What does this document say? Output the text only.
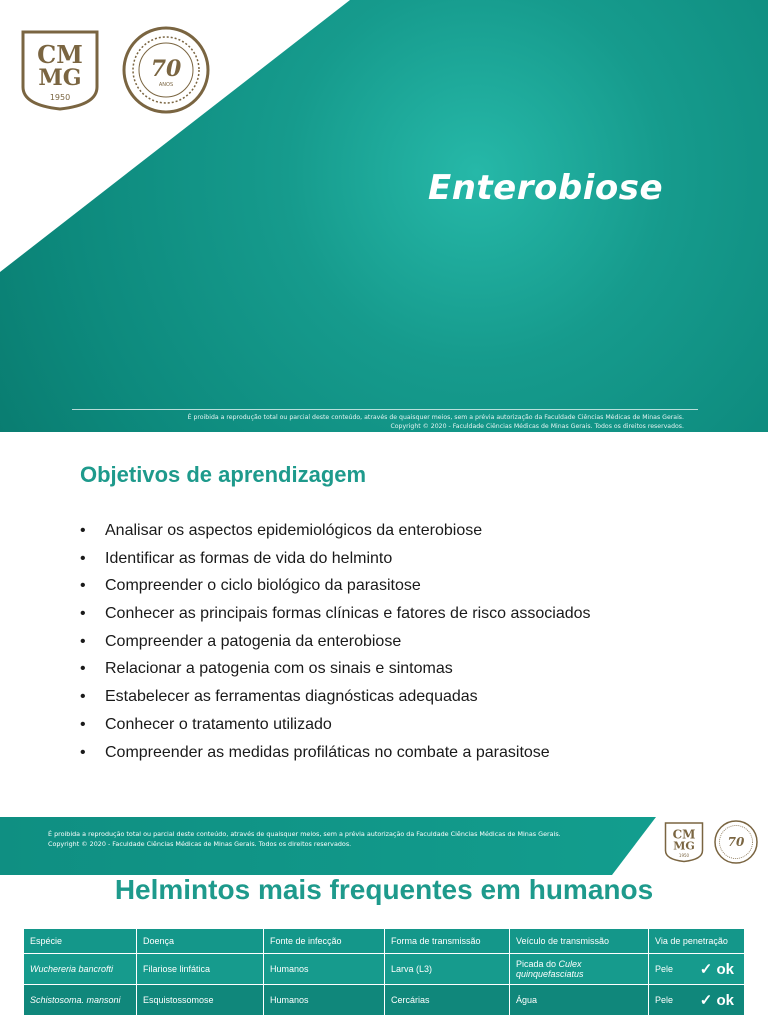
CM
MG
1950
70
ANOS
Enterobiose
É proibida a reprodução total ou parcial deste conteúdo, através de quaisquer meios, sem a prévia autorização da Faculdade Ciências Médicas de Minas Gerais.
Copyright © 2020 - Faculdade Ciências Médicas de Minas Gerais. Todos os direitos reservados.
Objetivos de aprendizagem
• Analisar os aspectos epidemiológicos da enterobiose
• Identificar as formas de vida do helminto
• Compreender o ciclo biológico da parasitose
• Conhecer as principais formas clínicas e fatores de risco associados
• Compreender a patogenia da enterobiose
• Relacionar a patogenia com os sinais e sintomas
• Estabelecer as ferramentas diagnósticas adequadas
• Conhecer o tratamento utilizado
• Compreender as medidas profiláticas no combate a parasitose
É proibida a reprodução total ou parcial deste conteúdo, através de quaisquer meios, sem a prévia autorização da Faculdade Ciências Médicas de Minas Gerais.
Copyright © 2020 - Faculdade Ciências Médicas de Minas Gerais. Todos os direitos reservados.
CM
MG
1950
70
Helmintos mais frequentes em humanos
Espécie	Doença	Fonte de infecção	Forma de transmissão	Veículo de transmissão	Via de penetração
Wuchereria bancrofti	Filariose linfática	Humanos	Larva (L3)	Picada do Culex quinquefasciatus	Pele ✓ ok

Schistosoma. mansoni	Esquistossomose	Humanos	Cercárias	Água	Pele ✓ ok
